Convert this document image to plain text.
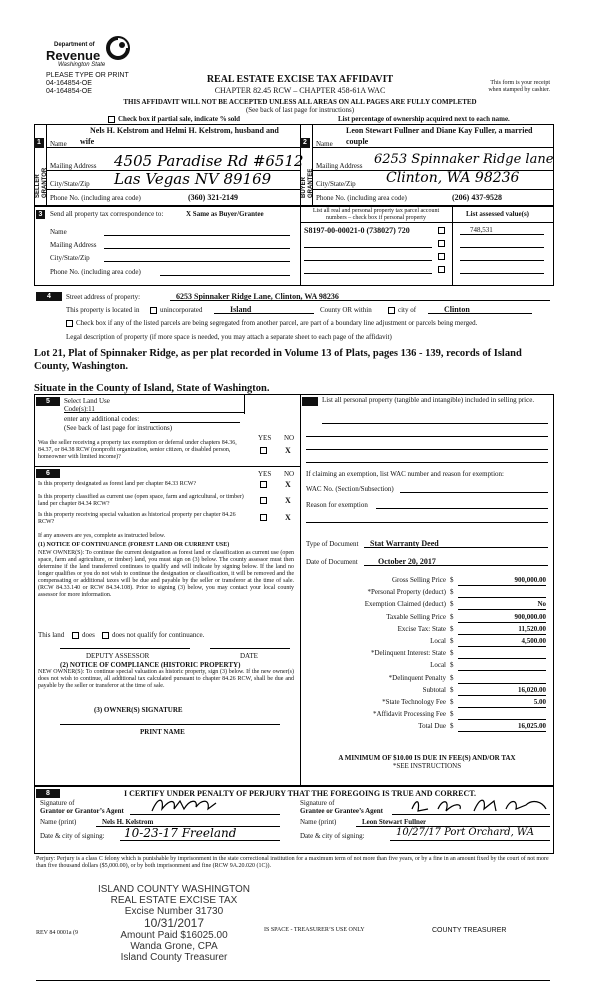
Department of
Revenue
Washington State
PLEASE TYPE OR PRINT
04-164854-OE
04-164854-OE
REAL ESTATE EXCISE TAX AFFIDAVIT
CHAPTER 82.45 RCW – CHAPTER 458-61A WAC
This form is your receipt
when stamped by cashier.
THIS AFFIDAVIT WILL NOT BE ACCEPTED UNLESS ALL AREAS ON ALL PAGES ARE FULLY COMPLETED
(See back of last page for instructions)
Check box if partial sale, indicate % sold	List percentage of ownership acquired next to each name.
1
SELLER GRANTOR
Nels H. Kelstrom and Helmi H. Kelstrom, husband and
Name wife
Mailing Address 4505 Paradise Rd #6512
City/State/Zip Las Vegas NV 89169
Phone No. (including area code)	(360) 321-2149
2
BUYER GRANTEE
Leon Stewart Fullner and Diane Kay Fuller, a married
Name couple
Mailing Address 6253 Spinnaker Ridge lane
City/State/Zip Clinton, WA 98236
Phone No. (including area code)	(206) 437-9528
3	Send all property tax correspondence to:	X Same as Buyer/Grantee
Name
Mailing Address
City/State/Zip
Phone No. (including area code)
List all real and personal property tax parcel account numbers – check box if personal property	List assessed value(s)
S8197-00-00021-0 (738027) 720	748,531
4	Street address of property:	6253 Spinnaker Ridge Lane, Clinton, WA 98236
This property is located in	unincorporated	Island	County OR within	city of	Clinton
Check box if any of the listed parcels are being segregated from another parcel, are part of a boundary line adjustment or parcels being merged.
Legal description of property (if more space is needed, you may attach a separate sheet to each page of the affidavit)
Lot 21, Plat of Spinnaker Ridge, as per plat recorded in Volume 13 of Plats, pages 136 - 139, records of Island
County, Washington.
Situate in the County of Island, State of Washington.
5	Select Land Use
Code(s):11
enter any additional codes:
(See back of last page for instructions)
YES NO
Was the seller receiving a property tax exemption or deferral under chapters 84.36, 84.37, or 84.38 RCW (nonprofit organization, senior citizen, or disabled person, homeowner with limited income)?
X
6	YES NO
Is this property designated as forest land per chapter 84.33 RCW?	X
Is this property classified as current use (open space, farm and agricultural, or timber) land per chapter 84.34 RCW?	X
Is this property receiving special valuation as historical property per chapter 84.26 RCW?	X
If any answers are yes, complete as instructed below.
(1) NOTICE OF CONTINUANCE (FOREST LAND OR CURRENT USE)
NEW OWNER(S): To continue the current designation as forest land or classification as current use (open space, farm and agriculture, or timber) land, you must sign on (3) below. The county assessor must then determine if the land transferred continues to qualify and will indicate by signing below. If the land no longer qualifies or you do not wish to continue the designation or classification, it will be removed and the compensating or additional taxes will be due and payable by the seller or transferor at the time of sale. (RCW 84.33.140 or RCW 84.34.108). Prior to signing (3) below, you may contact your local county assessor for more information.
This land	does does not qualify for continuance.
DEPUTY ASSESSOR	DATE
(2) NOTICE OF COMPLIANCE (HISTORIC PROPERTY)
NEW OWNER(S): To continue special valuation as historic property, sign (3) below. If the new owner(s) does not wish to continue, all additional tax calculated pursuant to chapter 84.26 RCW, shall be due and payable by the seller or transferor at the time of sale.
(3) OWNER(S) SIGNATURE
PRINT NAME
List all personal property (tangible and intangible) included in selling price.
If claiming an exemption, list WAC number and reason for exemption:
WAC No. (Section/Subsection)
Reason for exemption
Type of Document Stat Warranty Deed
Date of Document	October 20, 2017
Gross Selling Price $	900,000.00
*Personal Property (deduct) $
Exemption Claimed (deduct) $	No
Taxable Selling Price $	900,000.00
Excise Tax: State $	11,520.00
Local $	4,500.00
*Delinquent Interest: State $
Local $
*Delinquent Penalty $
Subtotal $	16,020.00
*State Technology Fee $	5.00
*Affidavit Processing Fee $
Total Due $	16,025.00
A MINIMUM OF $10.00 IS DUE IN FEE(S) AND/OR TAX
*SEE INSTRUCTIONS
8	I CERTIFY UNDER PENALTY OF PERJURY THAT THE FOREGOING IS TRUE AND CORRECT.
Signature of
Grantor or Grantor’s Agent
Name (print)	Nels H. Kelstrom
Date & city of signing: 10-23-17 Freeland
Signature of
Grantee or Grantee’s Agent
Name (print)	Leon Stewart Fullner
Date & city of signing:	10/27/17 Port Orchard, WA
Perjury: Perjury is a class C felony which is punishable by imprisonment in the state correctional institution for a maximum term of not more than five years, or by a fine in an amount fixed by the court of not more than five thousand dollars ($5,000.00), or by both imprisonment and fine (RCW 9A.20.020 (1C)).
ISLAND COUNTY WASHINGTON
REAL ESTATE EXCISE TAX
Excise Number 31730
10/31/2017
Amount Paid $16025.00
Wanda Grone, CPA
Island County Treasurer
REV 84 0001a (9	IS SPACE - TREASURER’S USE ONLY	COUNTY TREASURER
